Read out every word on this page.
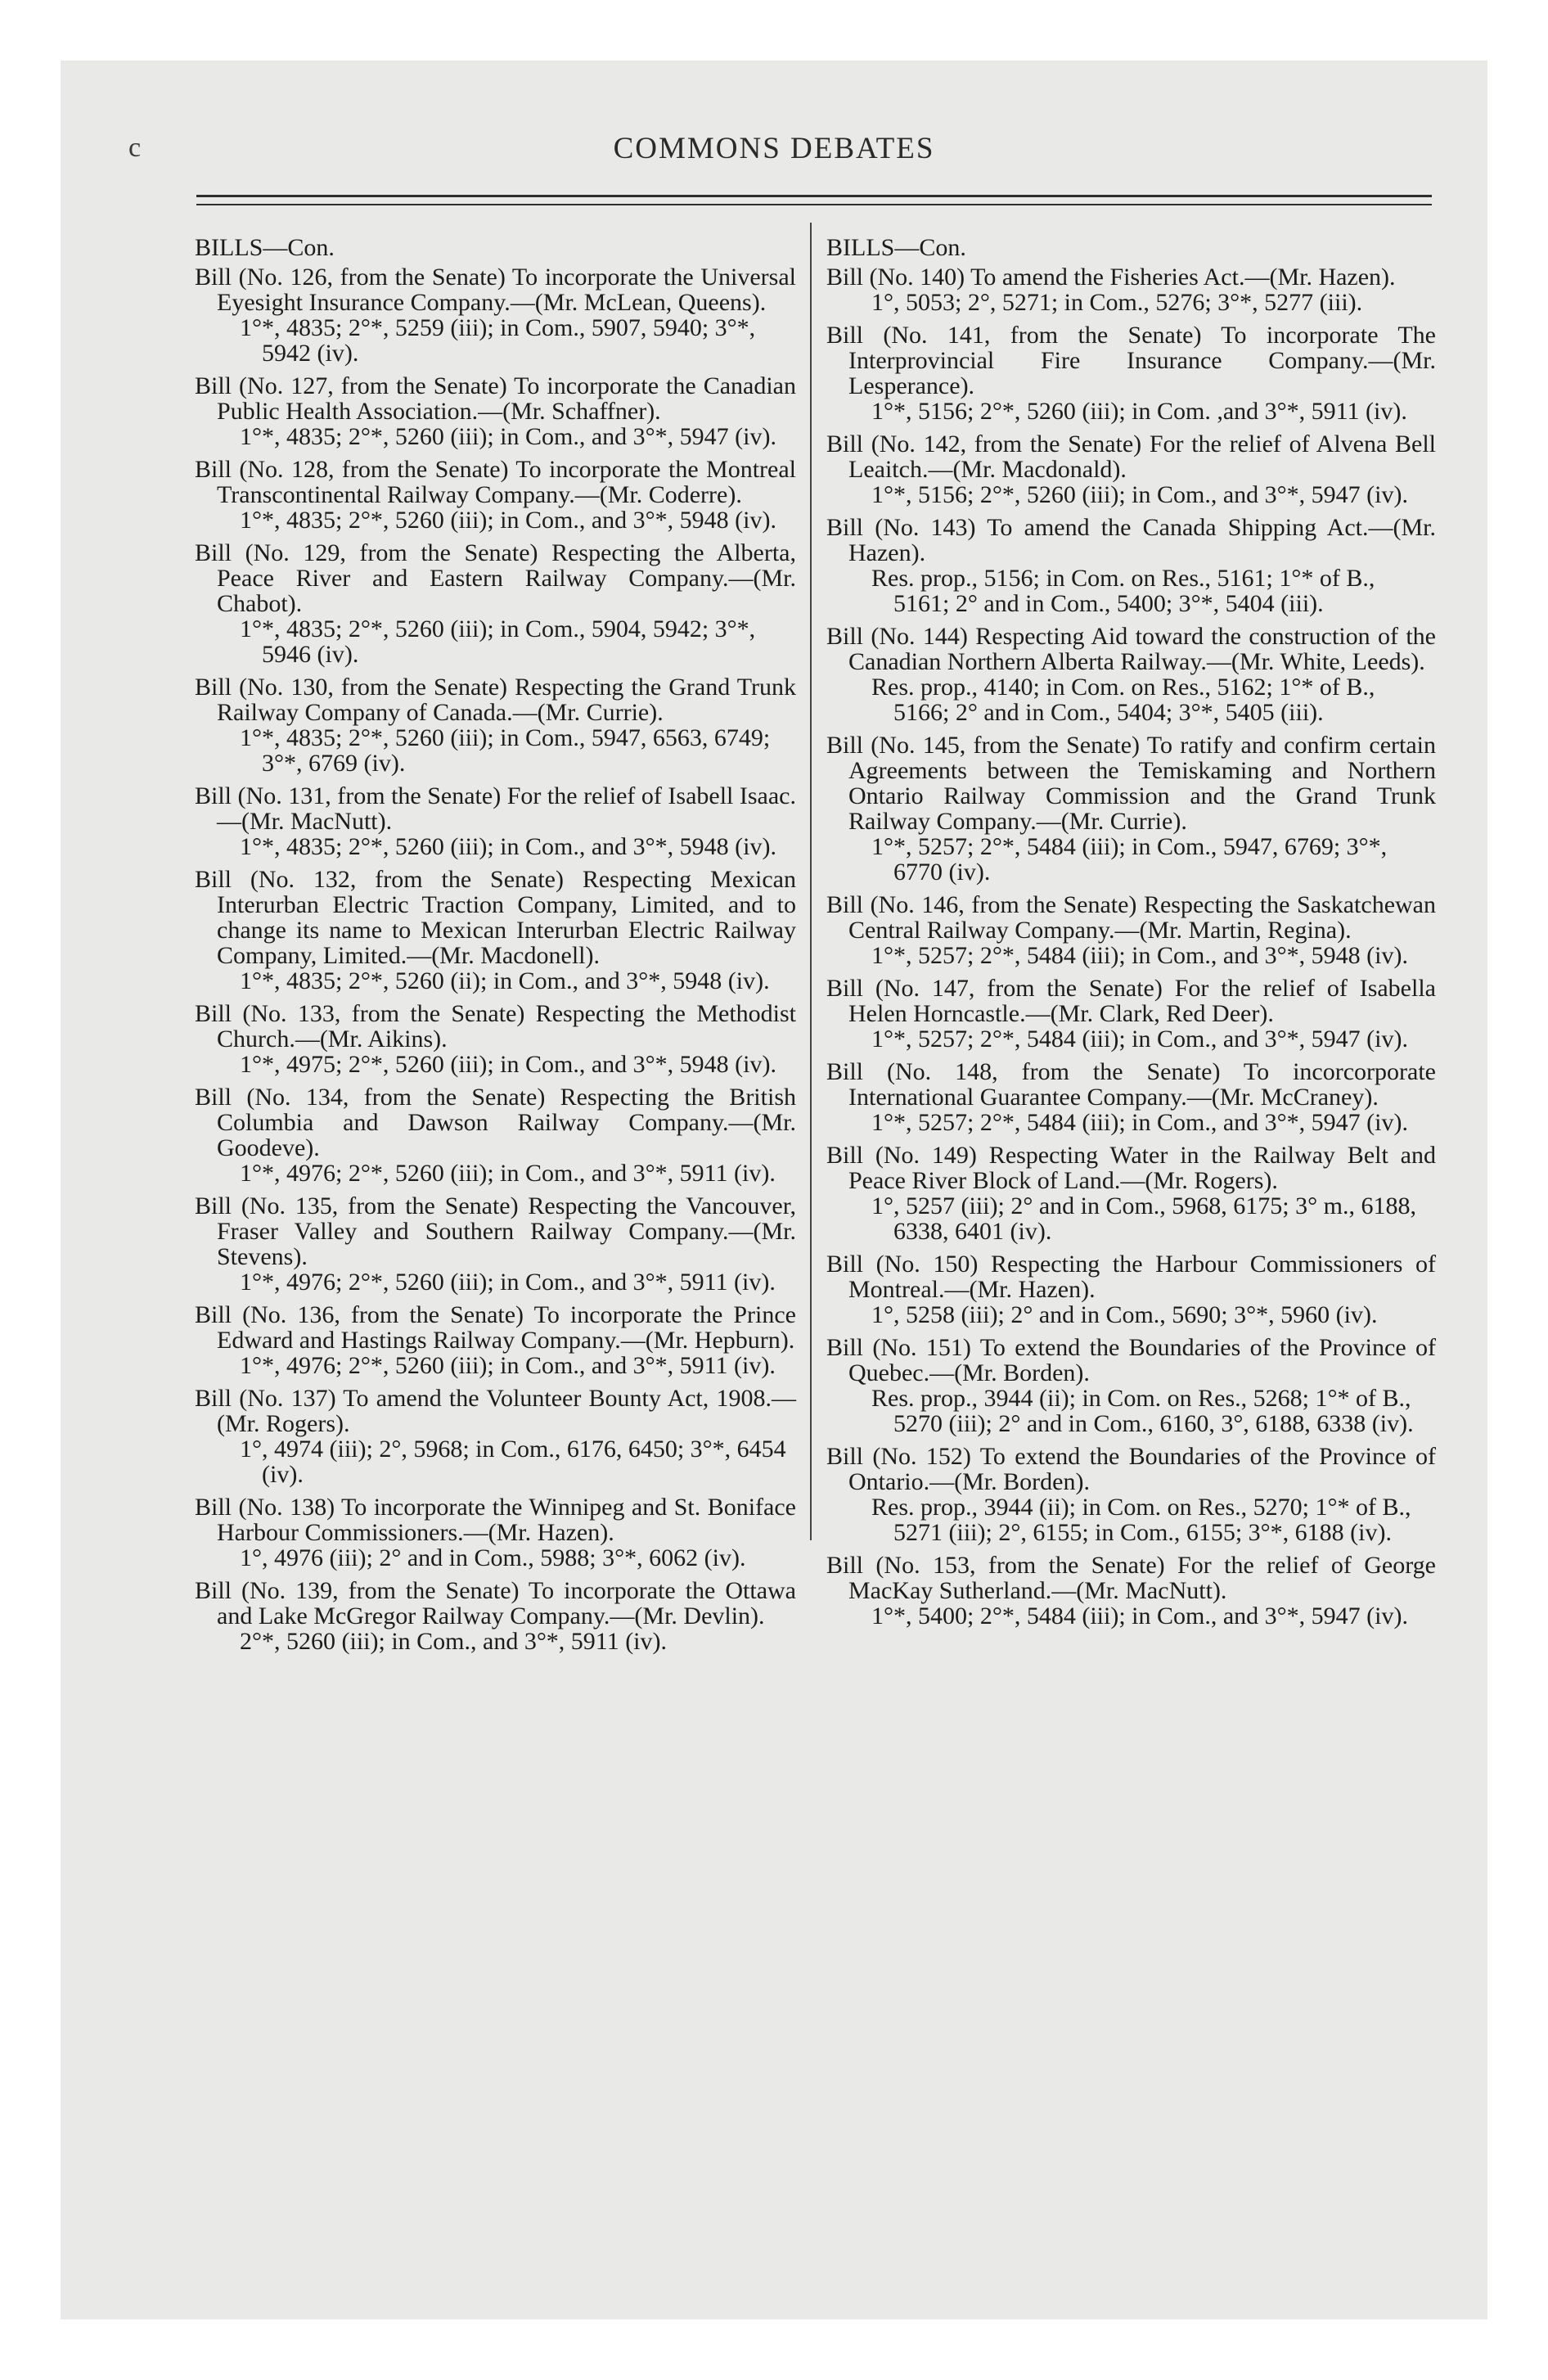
c	COMMONS DEBATES
BILLS—Con.
Bill (No. 126, from the Senate) To incorporate the Universal Eyesight Insurance Company.—(Mr. McLean, Queens).
1°*, 4835; 2°*, 5259 (iii); in Com., 5907, 5940; 3°*, 5942 (iv).
Bill (No. 127, from the Senate) To incorporate the Canadian Public Health Association.—(Mr. Schaffner).
1°*, 4835; 2°*, 5260 (iii); in Com., and 3°*, 5947 (iv).
Bill (No. 128, from the Senate) To incorporate the Montreal Transcontinental Railway Company.—(Mr. Coderre).
1°*, 4835; 2°*, 5260 (iii); in Com., and 3°*, 5948 (iv).
Bill (No. 129, from the Senate) Respecting the Alberta, Peace River and Eastern Railway Company.—(Mr. Chabot).
1°*, 4835; 2°*, 5260 (iii); in Com., 5904, 5942; 3°*, 5946 (iv).
Bill (No. 130, from the Senate) Respecting the Grand Trunk Railway Company of Canada.—(Mr. Currie).
1°*, 4835; 2°*, 5260 (iii); in Com., 5947, 6563, 6749; 3°*, 6769 (iv).
Bill (No. 131, from the Senate) For the relief of Isabell Isaac.—(Mr. MacNutt).
1°*, 4835; 2°*, 5260 (iii); in Com., and 3°*, 5948 (iv).
Bill (No. 132, from the Senate) Respecting Mexican Interurban Electric Traction Company, Limited, and to change its name to Mexican Interurban Electric Railway Company, Limited.—(Mr. Macdonell).
1°*, 4835; 2°*, 5260 (ii); in Com., and 3°*, 5948 (iv).
Bill (No. 133, from the Senate) Respecting the Methodist Church.—(Mr. Aikins).
1°*, 4975; 2°*, 5260 (iii); in Com., and 3°*, 5948 (iv).
Bill (No. 134, from the Senate) Respecting the British Columbia and Dawson Railway Company.—(Mr. Goodeve).
1°*, 4976; 2°*, 5260 (iii); in Com., and 3°*, 5911 (iv).
Bill (No. 135, from the Senate) Respecting the Vancouver, Fraser Valley and Southern Railway Company.—(Mr. Stevens).
1°*, 4976; 2°*, 5260 (iii); in Com., and 3°*, 5911 (iv).
Bill (No. 136, from the Senate) To incorporate the Prince Edward and Hastings Railway Company.—(Mr. Hepburn).
1°*, 4976; 2°*, 5260 (iii); in Com., and 3°*, 5911 (iv).
Bill (No. 137) To amend the Volunteer Bounty Act, 1908.—(Mr. Rogers).
1°, 4974 (iii); 2°, 5968; in Com., 6176, 6450; 3°*, 6454 (iv).
Bill (No. 138) To incorporate the Winnipeg and St. Boniface Harbour Commissioners.—(Mr. Hazen).
1°, 4976 (iii); 2° and in Com., 5988; 3°*, 6062 (iv).
Bill (No. 139, from the Senate) To incorporate the Ottawa and Lake McGregor Railway Company.—(Mr. Devlin).
2°*, 5260 (iii); in Com., and 3°*, 5911 (iv).
BILLS—Con.
Bill (No. 140) To amend the Fisheries Act.—(Mr. Hazen).
1°, 5053; 2°, 5271; in Com., 5276; 3°*, 5277 (iii).
Bill (No. 141, from the Senate) To incorporate The Interprovincial Fire Insurance Company.—(Mr. Lesperance).
1°*, 5156; 2°*, 5260 (iii); in Com. ,and 3°*, 5911 (iv).
Bill (No. 142, from the Senate) For the relief of Alvena Bell Leaitch.—(Mr. Macdonald).
1°*, 5156; 2°*, 5260 (iii); in Com., and 3°*, 5947 (iv).
Bill (No. 143) To amend the Canada Shipping Act.—(Mr. Hazen).
Res. prop., 5156; in Com. on Res., 5161; 1°* of B., 5161; 2° and in Com., 5400; 3°*, 5404 (iii).
Bill (No. 144) Respecting Aid toward the construction of the Canadian Northern Alberta Railway.—(Mr. White, Leeds).
Res. prop., 4140; in Com. on Res., 5162; 1°* of B., 5166; 2° and in Com., 5404; 3°*, 5405 (iii).
Bill (No. 145, from the Senate) To ratify and confirm certain Agreements between the Temiskaming and Northern Ontario Railway Commission and the Grand Trunk Railway Company.—(Mr. Currie).
1°*, 5257; 2°*, 5484 (iii); in Com., 5947, 6769; 3°*, 6770 (iv).
Bill (No. 146, from the Senate) Respecting the Saskatchewan Central Railway Company.—(Mr. Martin, Regina).
1°*, 5257; 2°*, 5484 (iii); in Com., and 3°*, 5948 (iv).
Bill (No. 147, from the Senate) For the relief of Isabella Helen Horncastle.—(Mr. Clark, Red Deer).
1°*, 5257; 2°*, 5484 (iii); in Com., and 3°*, 5947 (iv).
Bill (No. 148, from the Senate) To incorcorporate International Guarantee Company.—(Mr. McCraney).
1°*, 5257; 2°*, 5484 (iii); in Com., and 3°*, 5947 (iv).
Bill (No. 149) Respecting Water in the Railway Belt and Peace River Block of Land.—(Mr. Rogers).
1°, 5257 (iii); 2° and in Com., 5968, 6175; 3° m., 6188, 6338, 6401 (iv).
Bill (No. 150) Respecting the Harbour Commissioners of Montreal.—(Mr. Hazen).
1°, 5258 (iii); 2° and in Com., 5690; 3°*, 5960 (iv).
Bill (No. 151) To extend the Boundaries of the Province of Quebec.—(Mr. Borden).
Res. prop., 3944 (ii); in Com. on Res., 5268; 1°* of B., 5270 (iii); 2° and in Com., 6160, 3°, 6188, 6338 (iv).
Bill (No. 152) To extend the Boundaries of the Province of Ontario.—(Mr. Borden).
Res. prop., 3944 (ii); in Com. on Res., 5270; 1°* of B., 5271 (iii); 2°, 6155; in Com., 6155; 3°*, 6188 (iv).
Bill (No. 153, from the Senate) For the relief of George MacKay Sutherland.—(Mr. MacNutt).
1°*, 5400; 2°*, 5484 (iii); in Com., and 3°*, 5947 (iv).
